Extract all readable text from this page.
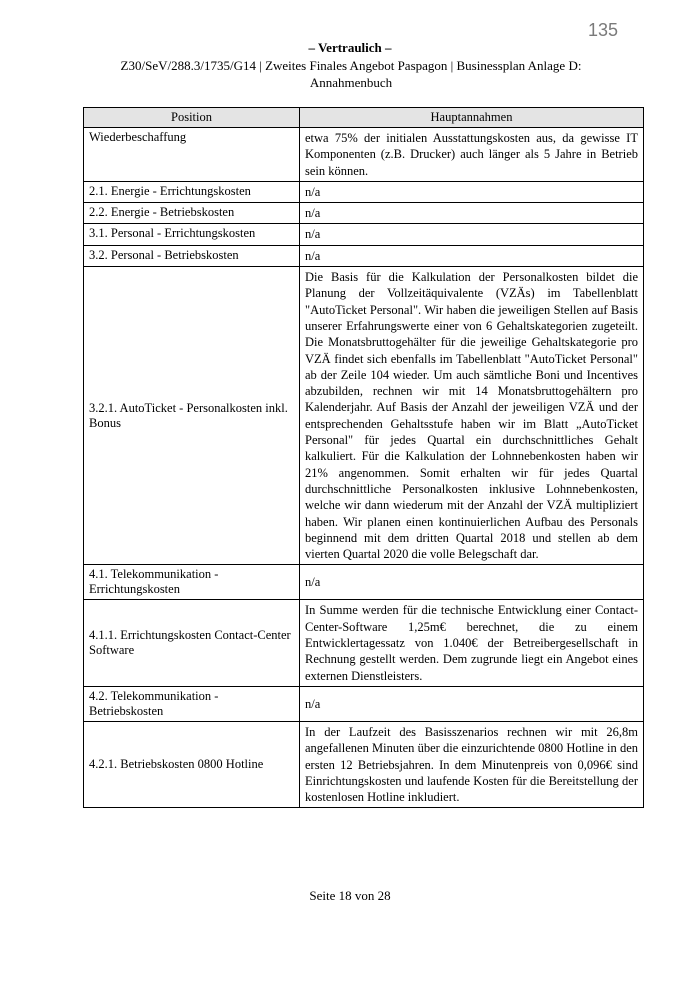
135
– Vertraulich –
Z30/SeV/288.3/1735/G14 | Zweites Finales Angebot Paspagon | Businessplan Anlage D: Annahmenbuch
Position	Hauptannahmen
Wiederbeschaffung	etwa 75% der initialen Ausstattungskosten aus, da gewisse IT Komponenten (z.B. Drucker) auch länger als 5 Jahre in Betrieb sein können.
2.1. Energie - Errichtungskosten	n/a
2.2. Energie - Betriebskosten	n/a
3.1. Personal - Errichtungskosten	n/a
3.2. Personal - Betriebskosten	n/a
3.2.1. AutoTicket - Personalkosten inkl. Bonus	Die Basis für die Kalkulation der Personalkosten bildet die Planung der Vollzeitäquivalente (VZÄs) im Tabellenblatt "AutoTicket Personal". Wir haben die jeweiligen Stellen auf Basis unserer Erfahrungswerte einer von 6 Gehaltskategorien zugeteilt. Die Monatsbruttogehälter für die jeweilige Gehaltskategorie pro VZÄ findet sich ebenfalls im Tabellenblatt "AutoTicket Personal" ab der Zeile 104 wieder. Um auch sämtliche Boni und Incentives abzubilden, rechnen wir mit 14 Monatsbruttogehältern pro Kalenderjahr. Auf Basis der Anzahl der jeweiligen VZÄ und der entsprechenden Gehaltsstufe haben wir im Blatt „AutoTicket Personal" für jedes Quartal ein durchschnittliches Gehalt kalkuliert. Für die Kalkulation der Lohnnebenkosten haben wir 21% angenommen. Somit erhalten wir für jedes Quartal durchschnittliche Personalkosten inklusive Lohnnebenkosten, welche wir dann wiederum mit der Anzahl der VZÄ multipliziert haben. Wir planen einen kontinuierlichen Aufbau des Personals beginnend mit dem dritten Quartal 2018 und stellen ab dem vierten Quartal 2020 die volle Belegschaft dar.
4.1. Telekommunikation - Errichtungskosten	n/a
4.1.1. Errichtungskosten Contact-Center Software	In Summe werden für die technische Entwicklung einer Contact-Center-Software 1,25m€ berechnet, die zu einem Entwicklertagessatz von 1.040€ der Betreibergesellschaft in Rechnung gestellt werden. Dem zugrunde liegt ein Angebot eines externen Dienstleisters.
4.2. Telekommunikation - Betriebskosten	n/a
4.2.1. Betriebskosten 0800 Hotline	In der Laufzeit des Basisszenarios rechnen wir mit 26,8m angefallenen Minuten über die einzurichtende 0800 Hotline in den ersten 12 Betriebsjahren. In dem Minutenpreis von 0,096€ sind Einrichtungskosten und laufende Kosten für die Bereitstellung der kostenlosen Hotline inkludiert.
Seite 18 von 28
